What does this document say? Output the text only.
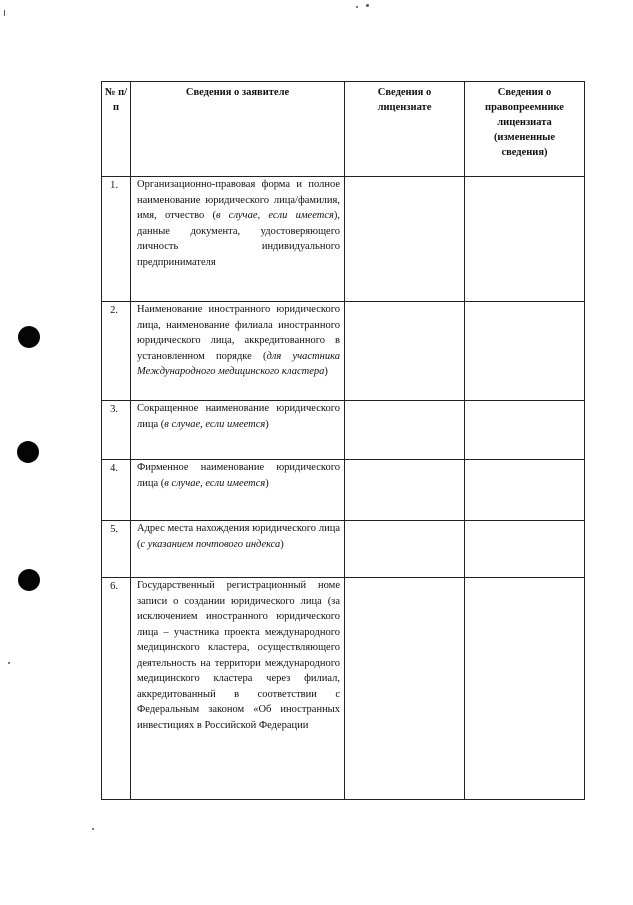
№ п/п	Сведения о заявителе	Сведения о лицензиате	Сведения о правопреемнике лицензиата (измененные сведения)

1.	Организационно-правовая форма и полное наименование юридического лица/фамилия, имя, отчество (в случае, если имеется), данные документа, удостоверяющего личность индивидуального предпринимателя		

2.	Наименование иностранного юридического лица, наименование филиала иностранного юридического лица, аккредитованного в установленном порядке (для участника Международного медицинского кластера)		

3.	Сокращенное наименование юридического лица (в случае, если имеется)		

4.	Фирменное наименование юридического лица (в случае, если имеется)		

5.	Адрес места нахождения юридического лица (с указанием почтового индекса)		

6.	Государственный регистрационный номе записи о создании юридического лица (за исключением иностранного юридического лица – участника проекта международного медицинского кластера, осуществляющего деятельность на территори международного медицинского кластера через филиал, аккредитованный в соответствии с Федеральным законом «Об иностранных инвестициях в Российской Федерации		
